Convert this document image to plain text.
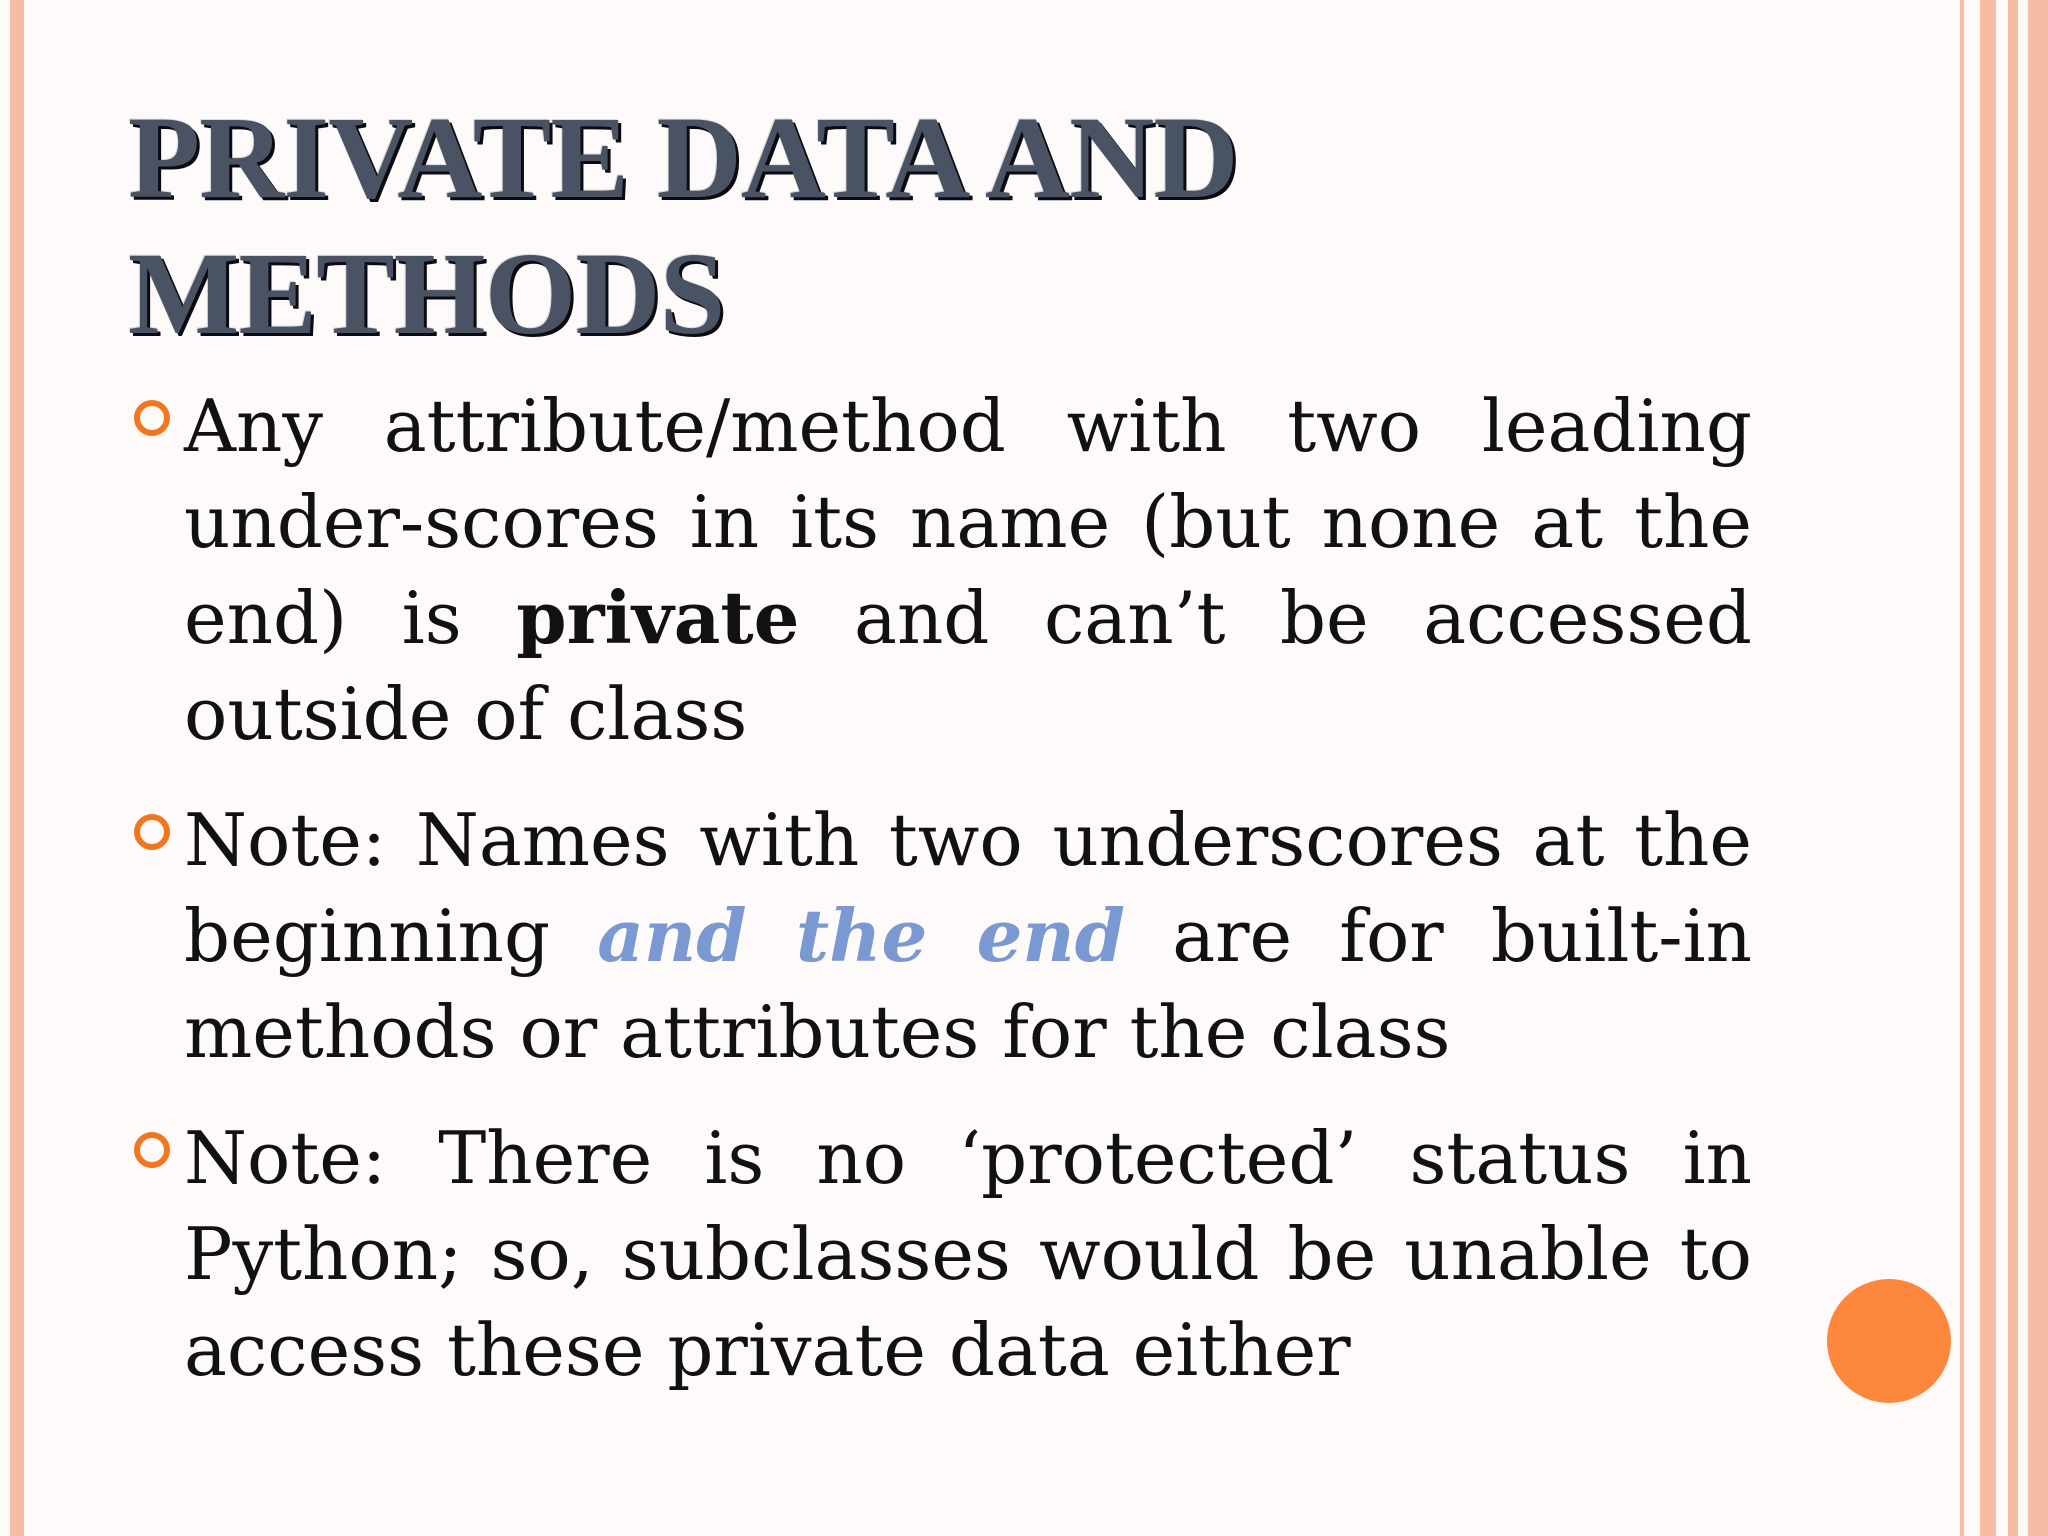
PRIVATE DATA AND
METHODS
Any attribute/method with two leading under-scores in its name (but none at the end) is private and can’t be accessed outside of class
Note: Names with two underscores at the beginning and the end are for built-in methods or attributes for the class
Note: There is no ‘protected’ status in Python; so, subclasses would be unable to access these private data either
